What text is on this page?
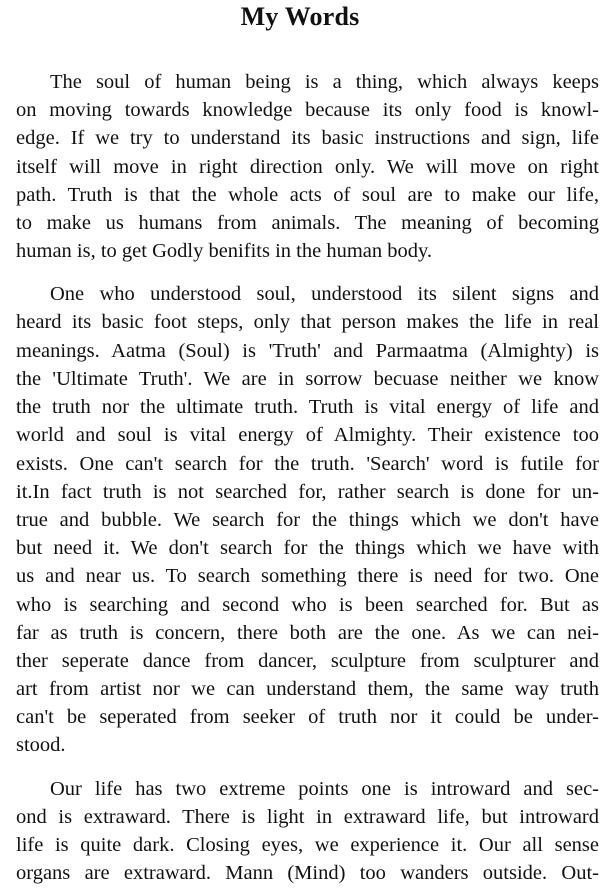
My Words
The soul of human being is a thing, which always keeps
on moving towards knowledge because its only food is knowl-
edge. If we try to understand its basic instructions and sign, life
itself will move in right direction only. We will move on right
path. Truth is that the whole acts of soul are to make our life,
to make us humans from animals. The meaning of becoming
human is, to get Godly benifits in the human body.
One who understood soul, understood its silent signs and
heard its basic foot steps, only that person makes the life in real
meanings. Aatma (Soul) is 'Truth' and Parmaatma (Almighty) is
the 'Ultimate Truth'. We are in sorrow becuase neither we know
the truth nor the ultimate truth. Truth is vital energy of life and
world and soul is vital energy of Almighty. Their existence too
exists. One can't search for the truth. 'Search' word is futile for
it.In fact truth is not searched for, rather search is done for un-
true and bubble. We search for the things which we don't have
but need it. We don't search for the things which we have with
us and near us. To search something there is need for two. One
who is searching and second who is been searched for. But as
far as truth is concern, there both are the one. As we can nei-
ther seperate dance from dancer, sculpture from sculpturer and
art from artist nor we can understand them, the same way truth
can't be seperated from seeker of truth nor it could be under-
stood.
Our life has two extreme points one is introward and sec-
ond is extraward. There is light in extraward life, but introward
life is quite dark. Closing eyes, we experience it. Our all sense
organs are extraward. Mann (Mind) too wanders outside. Out-
